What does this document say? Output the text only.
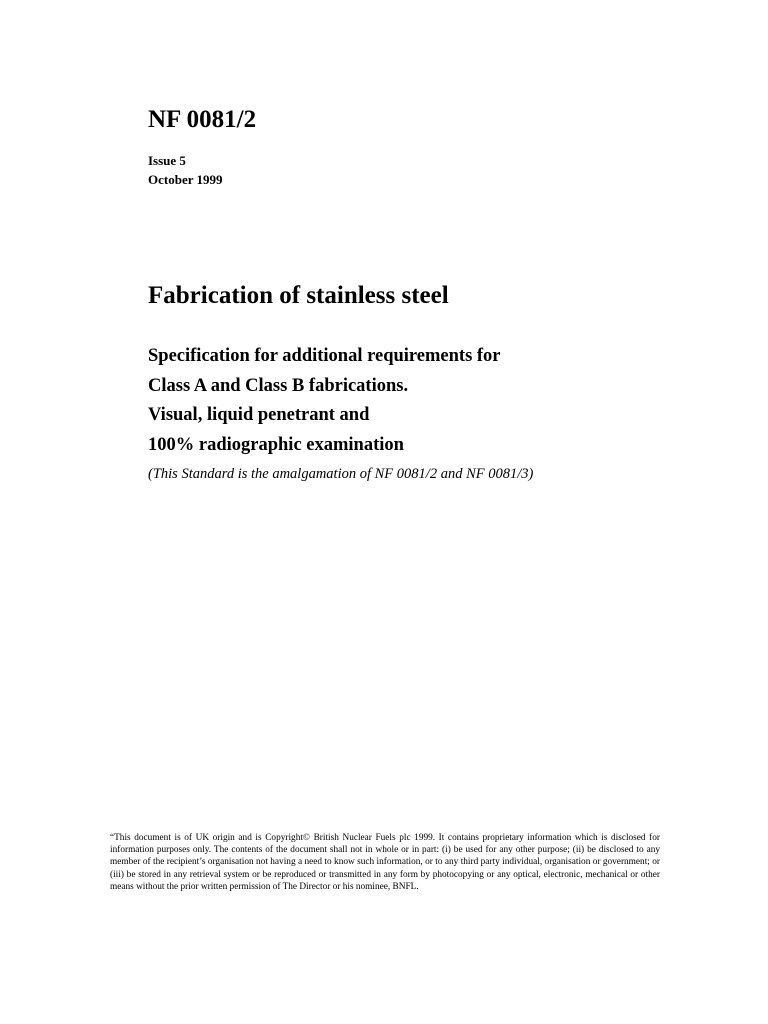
NF 0081/2
Issue 5
October 1999
Fabrication of stainless steel
Specification for additional requirements for
Class A and Class B fabrications.
Visual, liquid penetrant and
100% radiographic examination
(This Standard is the amalgamation of NF 0081/2 and NF 0081/3)
“This document is of UK origin and is Copyright© British Nuclear Fuels plc 1999. It contains proprietary information which is disclosed for information purposes only. The contents of the document shall not in whole or in part: (i) be used for any other purpose; (ii) be disclosed to any member of the recipient’s organisation not having a need to know such information, or to any third party individual, organisation or government; or (iii) be stored in any retrieval system or be reproduced or transmitted in any form by photocopying or any optical, electronic, mechanical or other means without the prior written permission of The Director or his nominee, BNFL.
